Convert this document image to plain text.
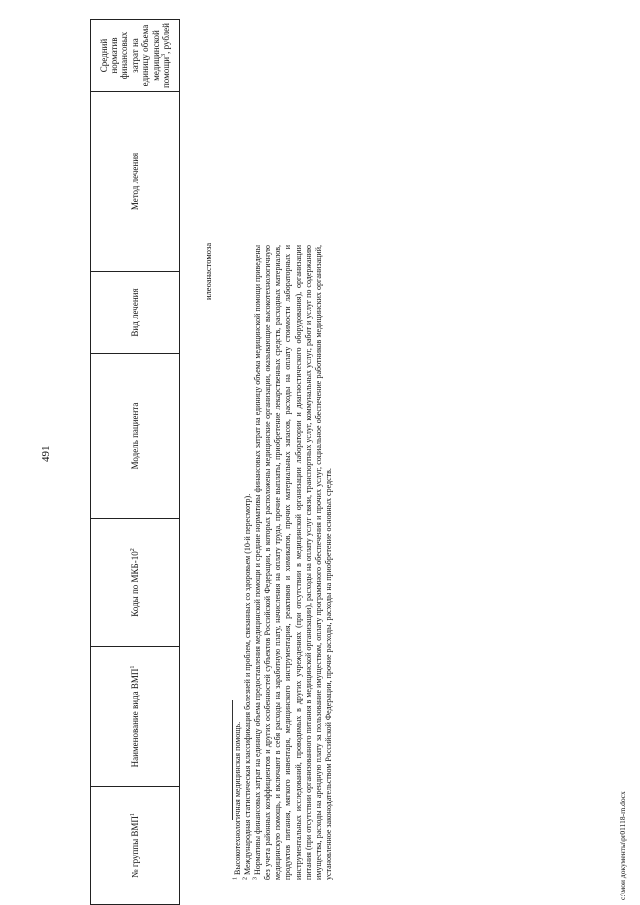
491
№ группы ВМП$^1$	Наименование вида ВМП$^1$	Коды по МКБ-$10^2$	Модель пациента	Вид лечения	Метод лечения	Средний норматив финансовых затрат на единицу объема медицинской помощи$^3$, рублей
илеоанастомоза

$^1$ Высокотехнологичная медицинская помощь.

$^2$ Международная статистическая классификация болезней и проблем, связанных со здоровьем (10-й пересмотр).

$^3$ Нормативы финансовых затрат на единицу объема предоставления медицинской помощи и средние нормативы финансовых затрат на единицу объема медицинской помощи приведены без учета районных коэффициентов и других особенностей субъектов Российской Федерации, в которых расположены медицинские организации, оказывающие высокотехнологичную медицинскую помощь, и включают в себя расходы на заработную плату, начисления на оплату труда, прочие выплаты, приобретение лекарственных средств, расходных материалов, продуктов питания, мягкого инвентаря, медицинского инструментария, реактивов и химикатов, прочих материальных запасов, расходы на оплату стоимости лабораторных и инструментальных исследований, проводимых в других учреждениях (при отсутствии в медицинской организации лаборатории и диагностического оборудования), организации питания (при отсутствии организованного питания в медицинской организации), расходы на оплату услуг связи, транспортных услуг, коммунальных услуг, работ и услуг по содержанию имущества, расходы на арендную плату за пользование имуществом, оплату программного обеспечения и прочих услуг, социальное обеспечение работников медицинских организаций, установленное законодательством Российской Федерации, прочие расходы, расходы на приобретение основных средств.	c:\мои документы\pr01118-rn.docx
